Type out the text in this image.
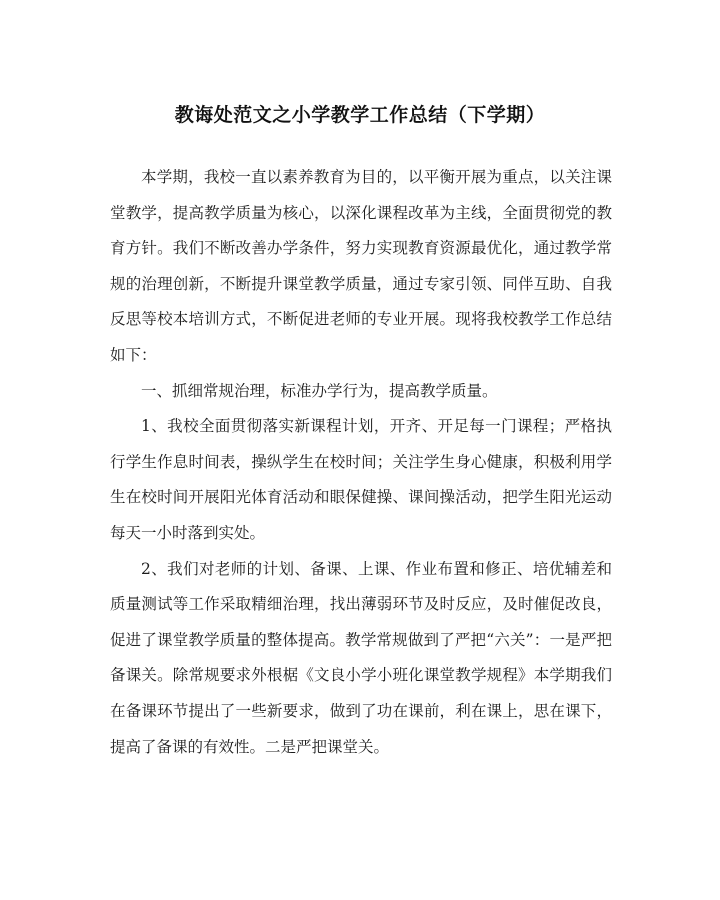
教诲处范文之小学教学工作总结（下学期）

本学期，我校一直以素养教育为目的，以平衡开展为重点，以关注课堂教学，提高教学质量为核心，以深化课程改革为主线，全面贯彻党的教育方针。我们不断改善办学条件，努力实现教育资源最优化，通过教学常规的治理创新，不断提升课堂教学质量，通过专家引领、同伴互助、自我反思等校本培训方式，不断促进老师的专业开展。现将我校教学工作总结如下：

一、抓细常规治理，标准办学行为，提高教学质量。

1、我校全面贯彻落实新课程计划，开齐、开足每一门课程；严格执行学生作息时间表，操纵学生在校时间；关注学生身心健康，积极利用学生在校时间开展阳光体育活动和眼保健操、课间操活动，把学生阳光运动每天一小时落到实处。

2、我们对老师的计划、备课、上课、作业布置和修正、培优辅差和质量测试等工作采取精细治理，找出薄弱环节及时反应，及时催促改良，促进了课堂教学质量的整体提高。教学常规做到了严把“六关”：一是严把备课关。除常规要求外根椐《文良小学小班化课堂教学规程》本学期我们在备课环节提出了一些新要求，做到了功在课前，利在课上，思在课下，提高了备课的有效性。二是严把课堂关。
